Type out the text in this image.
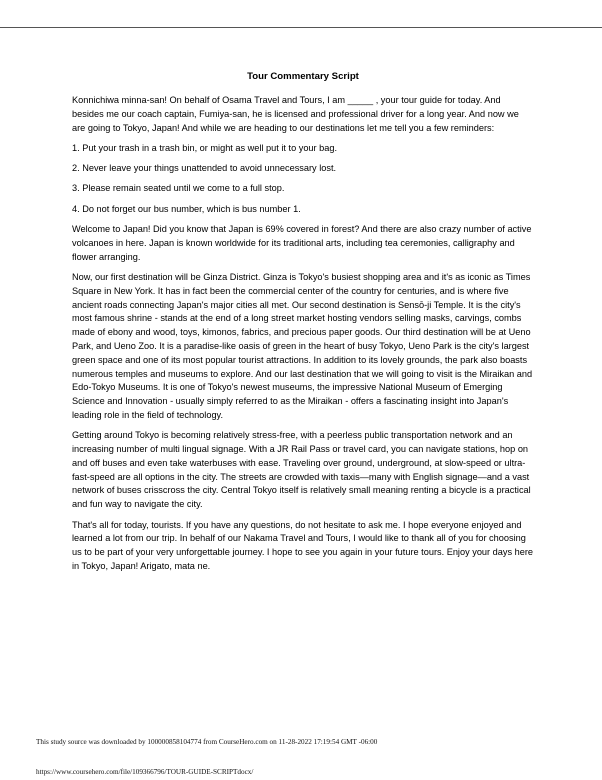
Tour Commentary Script

Konnichiwa minna-san! On behalf of Osama Travel and Tours, I am _____ , your tour guide for today. And besides me our coach captain, Fumiya-san, he is licensed and professional driver for a long year. And now we are going to Tokyo, Japan! And while we are heading to our destinations let me tell you a few reminders:

1. Put your trash in a trash bin, or might as well put it to your bag.

2. Never leave your things unattended to avoid unnecessary lost.

3. Please remain seated until we come to a full stop.

4. Do not forget our bus number, which is bus number 1.

Welcome to Japan! Did you know that Japan is 69% covered in forest? And there are also crazy number of active volcanoes in here. Japan is known worldwide for its traditional arts, including tea ceremonies, calligraphy and flower arranging.

Now, our first destination will be Ginza District. Ginza is Tokyo's busiest shopping area and it's as iconic as Times Square in New York. It has in fact been the commercial center of the country for centuries, and is where five ancient roads connecting Japan's major cities all met. Our second destination is Sensō-ji Temple. It is the city's most famous shrine - stands at the end of a long street market hosting vendors selling masks, carvings, combs made of ebony and wood, toys, kimonos, fabrics, and precious paper goods. Our third destination will be at Ueno Park, and Ueno Zoo. It is a paradise-like oasis of green in the heart of busy Tokyo, Ueno Park is the city's largest green space and one of its most popular tourist attractions. In addition to its lovely grounds, the park also boasts numerous temples and museums to explore. And our last destination that we will going to visit is the Miraikan and Edo-Tokyo Museums. It is one of Tokyo's newest museums, the impressive National Museum of Emerging Science and Innovation - usually simply referred to as the Miraikan - offers a fascinating insight into Japan's leading role in the field of technology.

Getting around Tokyo is becoming relatively stress-free, with a peerless public transportation network and an increasing number of multi lingual signage. With a JR Rail Pass or travel card, you can navigate stations, hop on and off buses and even take waterbuses with ease. Traveling over ground, underground, at slow-speed or ultra-fast-speed are all options in the city. The streets are crowded with taxis—many with English signage—and a vast network of buses crisscross the city. Central Tokyo itself is relatively small meaning renting a bicycle is a practical and fun way to navigate the city.

That's all for today, tourists. If you have any questions, do not hesitate to ask me. I hope everyone enjoyed and learned a lot from our trip. In behalf of our Nakama Travel and Tours, I would like to thank all of you for choosing us to be part of your very unforgettable journey. I hope to see you again in your future tours. Enjoy your days here in Tokyo, Japan! Arigato, mata ne.

This study source was downloaded by 100000858104774 from CourseHero.com on 11-28-2022 17:19:54 GMT -06:00
https://www.coursehero.com/file/109366796/TOUR-GUIDE-SCRIPTdocx/
